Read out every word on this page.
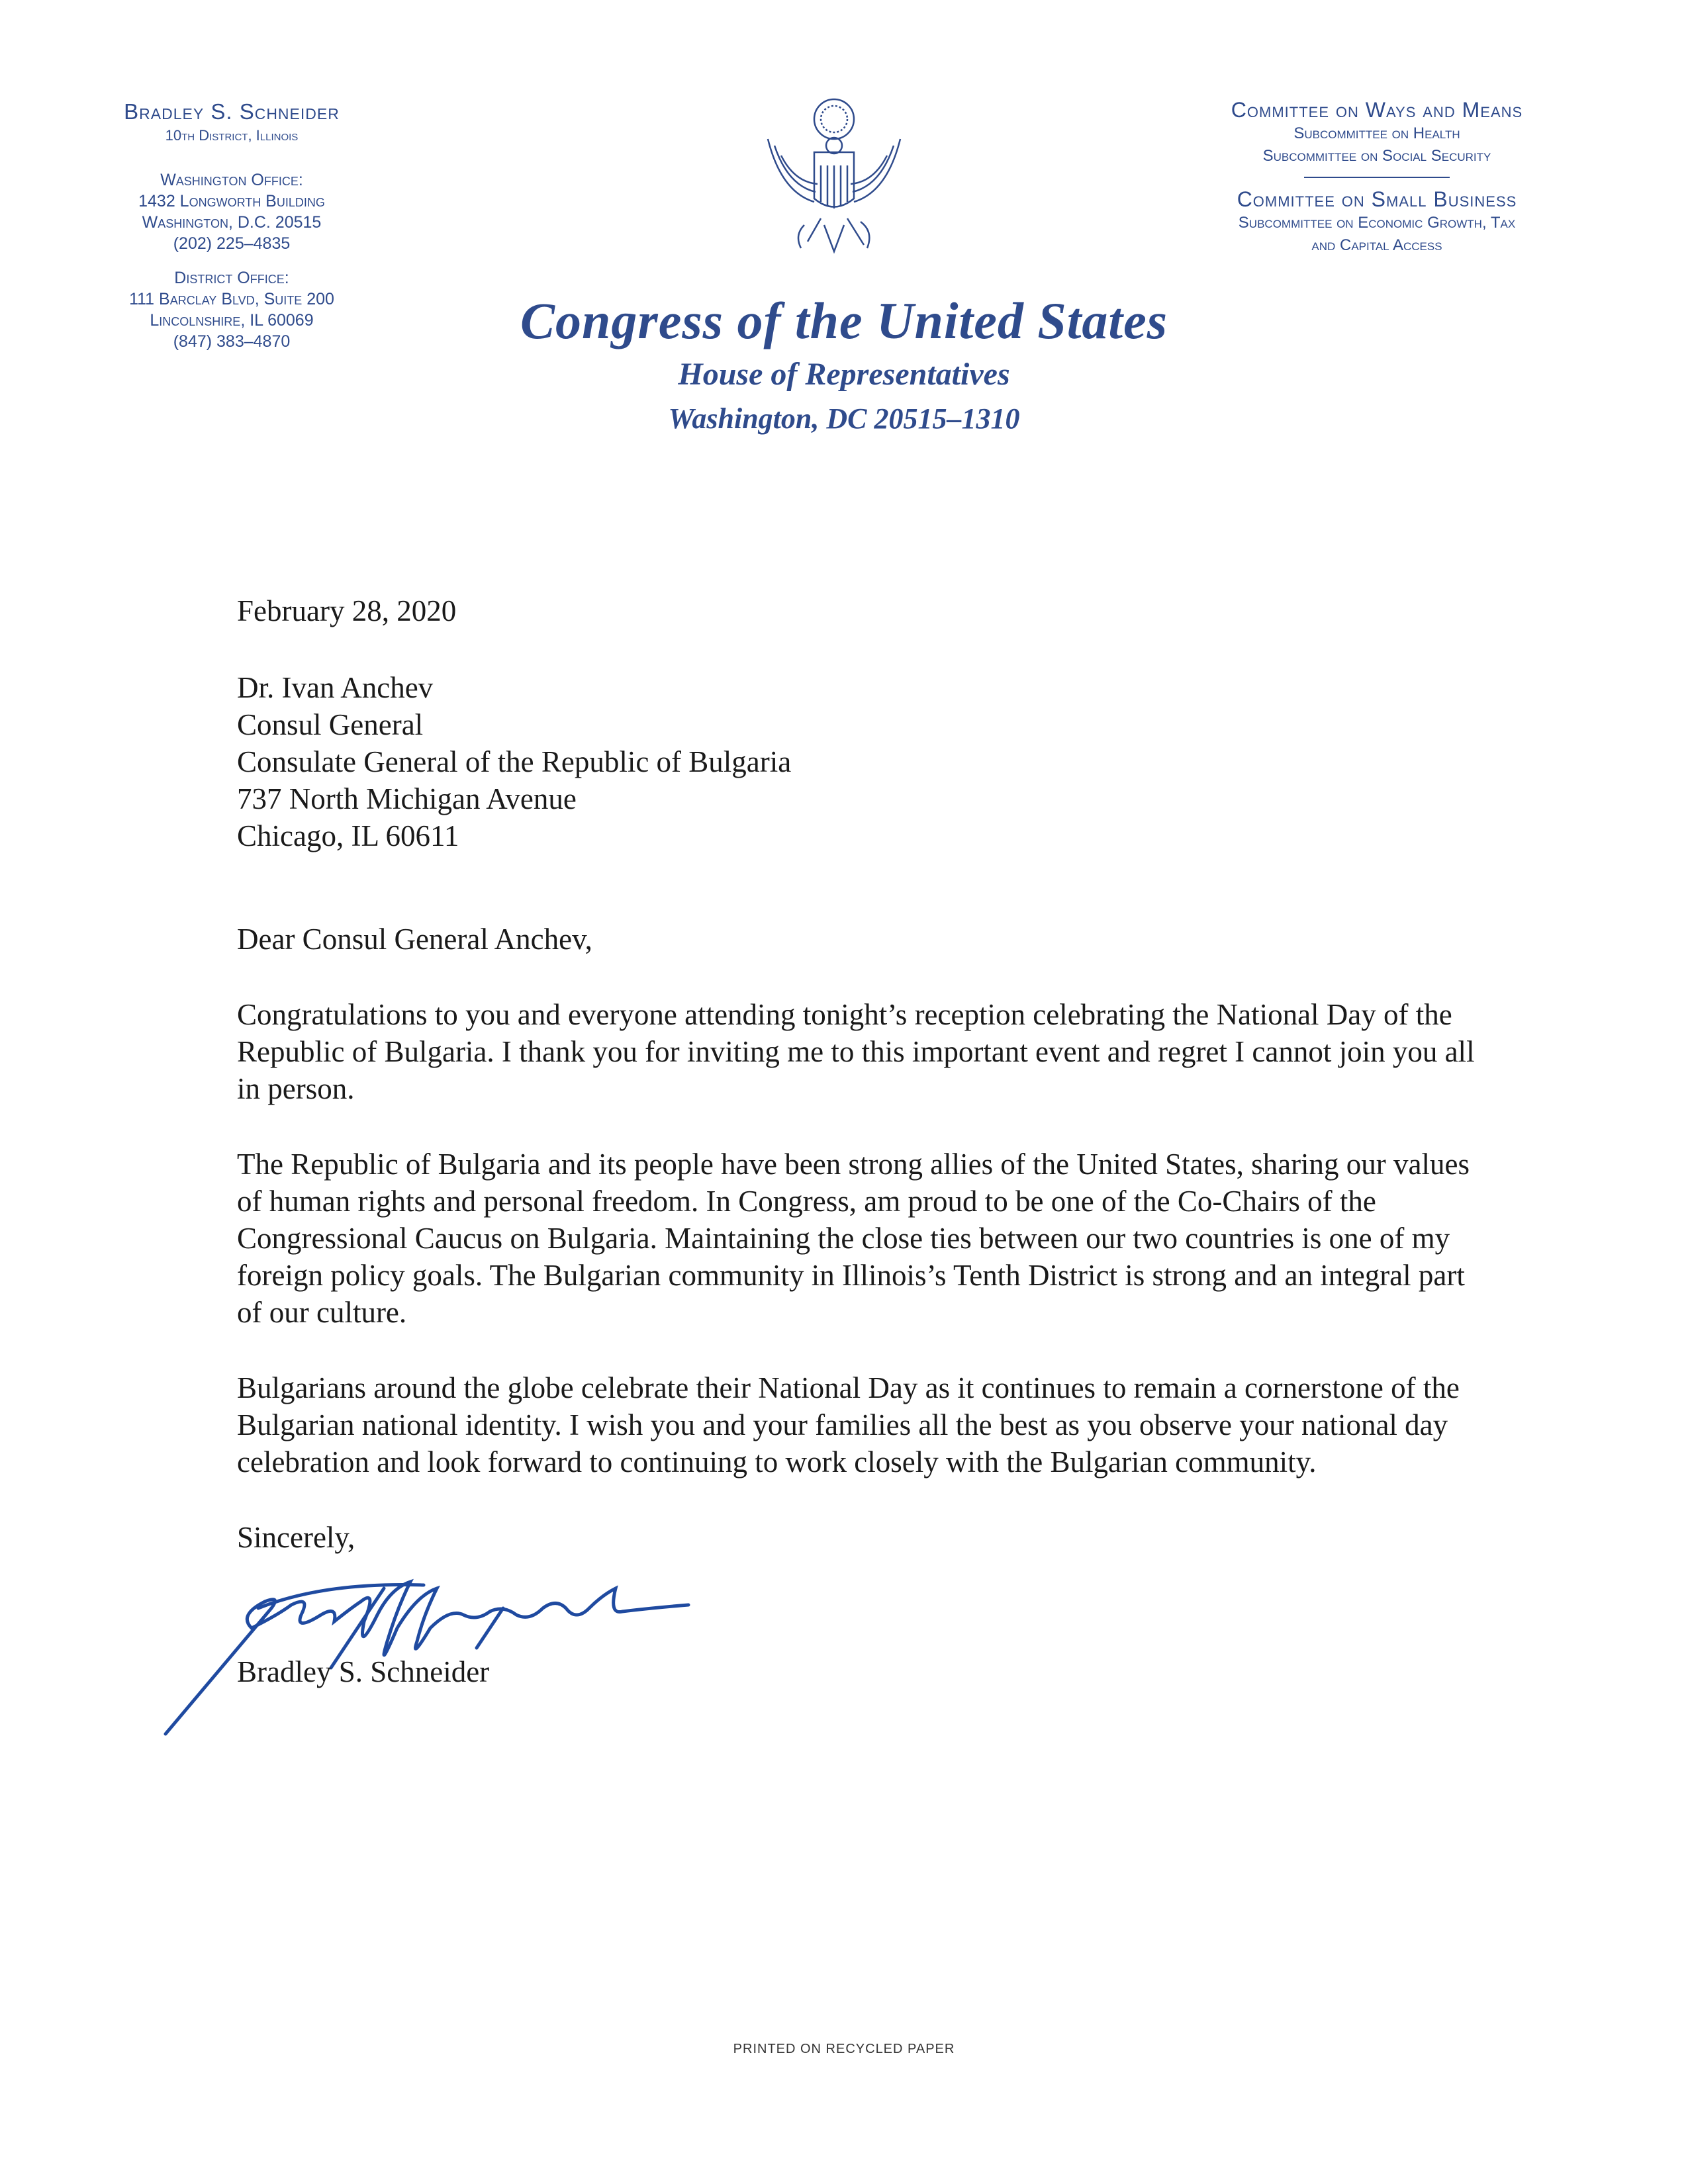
Bradley S. Schneider
10th District, Illinois
Washington Office:
1432 Longworth Building
Washington, D.C. 20515
(202) 225–4835
District Office:
111 Barclay Blvd, Suite 200
Lincolnshire, IL 60069
(847) 383–4870
Committee on Ways and Means
Subcommittee on Health
Subcommittee on Social Security
Committee on Small Business
Subcommittee on Economic Growth, Tax
and Capital Access
Congress of the United States
House of Representatives
Washington, DC 20515–1310

February 28, 2020

Dr. Ivan Anchev

Consul General

Consulate General of the Republic of Bulgaria

737 North Michigan Avenue

Chicago, IL 60611

Dear Consul General Anchev,

Congratulations to you and everyone attending tonight’s reception celebrating the National Day of the Republic of Bulgaria. I thank you for inviting me to this important event and regret I cannot join you all in person.

The Republic of Bulgaria and its people have been strong allies of the United States, sharing our values of human rights and personal freedom. In Congress, am proud to be one of the Co-Chairs of the Congressional Caucus on Bulgaria. Maintaining the close ties between our two countries is one of my foreign policy goals. The Bulgarian community in Illinois’s Tenth District is strong and an integral part of our culture.

Bulgarians around the globe celebrate their National Day as it continues to remain a cornerstone of the Bulgarian national identity. I wish you and your families all the best as you observe your national day celebration and look forward to continuing to work closely with the Bulgarian community.

Sincerely,

Bradley S. Schneider
PRINTED ON RECYCLED PAPER
